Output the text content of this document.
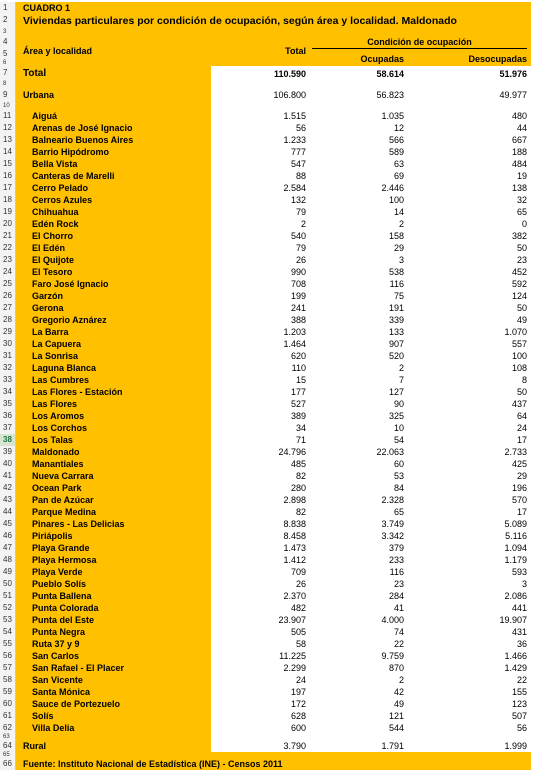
1	CUADRO 1
2	Viviendas particulares por condición de ocupación, según área y localidad. Maldonado
3
4
5
6
Área y localidad	Total
Condición de ocupación
Ocupadas	Desocupadas
7	Total	110.590	58.614	51.976
8
9	Urbana	106.800	56.823	49.977
10
11	Aiguá	1.515	1.035	480
12	Arenas de José Ignacio	56	12	44
13	Balneario Buenos Aires	1.233	566	667
14	Barrio Hipódromo	777	589	188
15	Bella Vista	547	63	484
16	Canteras de Marelli	88	69	19
17	Cerro Pelado	2.584	2.446	138
18	Cerros Azules	132	100	32
19	Chihuahua	79	14	65
20	Edén Rock	2	2	0
21	El Chorro	540	158	382
22	El Edén	79	29	50
23	El Quijote	26	3	23
24	El Tesoro	990	538	452
25	Faro José Ignacio	708	116	592
26	Garzón	199	75	124
27	Gerona	241	191	50
28	Gregorio Aznárez	388	339	49
29	La Barra	1.203	133	1.070
30	La Capuera	1.464	907	557
31	La Sonrisa	620	520	100
32	Laguna Blanca	110	2	108
33	Las Cumbres	15	7	8
34	Las Flores - Estación	177	127	50
35	Las Flores	527	90	437
36	Los Aromos	389	325	64
37	Los Corchos	34	10	24
38	Los Talas	71	54	17
39	Maldonado	24.796	22.063	2.733
40	Manantiales	485	60	425
41	Nueva Carrara	82	53	29
42	Ocean Park	280	84	196
43	Pan de Azúcar	2.898	2.328	570
44	Parque Medina	82	65	17
45	Pinares - Las Delicias	8.838	3.749	5.089
46	Piriápolis	8.458	3.342	5.116
47	Playa Grande	1.473	379	1.094
48	Playa Hermosa	1.412	233	1.179
49	Playa Verde	709	116	593
50	Pueblo Solís	26	23	3
51	Punta Ballena	2.370	284	2.086
52	Punta Colorada	482	41	441
53	Punta del Este	23.907	4.000	19.907
54	Punta Negra	505	74	431
55	Ruta 37 y 9	58	22	36
56	San Carlos	11.225	9.759	1.466
57	San Rafael - El Placer	2.299	870	1.429
58	San Vicente	24	2	22
59	Santa Mónica	197	42	155
60	Sauce de Portezuelo	172	49	123
61	Solís	628	121	507
62	Villa Delia	600	544	56
63
64	Rural	3.790	1.791	1.999
65
66	Fuente: Instituto Nacional de Estadística (INE) - Censos 2011
